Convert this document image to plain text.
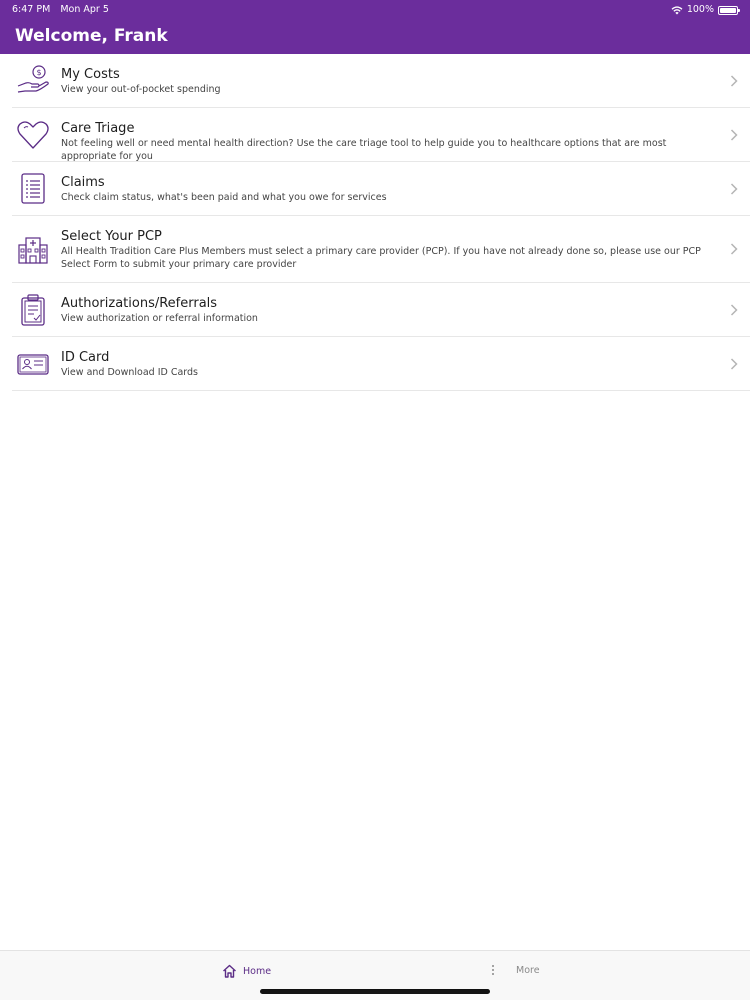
6:47 PM Mon Apr 5	100%
Welcome, Frank
$ My Costs
View your out-of-pocket spending
Care Triage
Not feeling well or need mental health direction? Use the care triage tool to help guide you to healthcare options that are most appropriate for you
Claims
Check claim status, what's been paid and what you owe for services
Select Your PCP
All Health Tradition Care Plus Members must select a primary care provider (PCP). If you have not already done so, please use our PCP Select Form to submit your primary care provider
Authorizations/Referrals
View authorization or referral information
ID Card
View and Download ID Cards
Home	More
